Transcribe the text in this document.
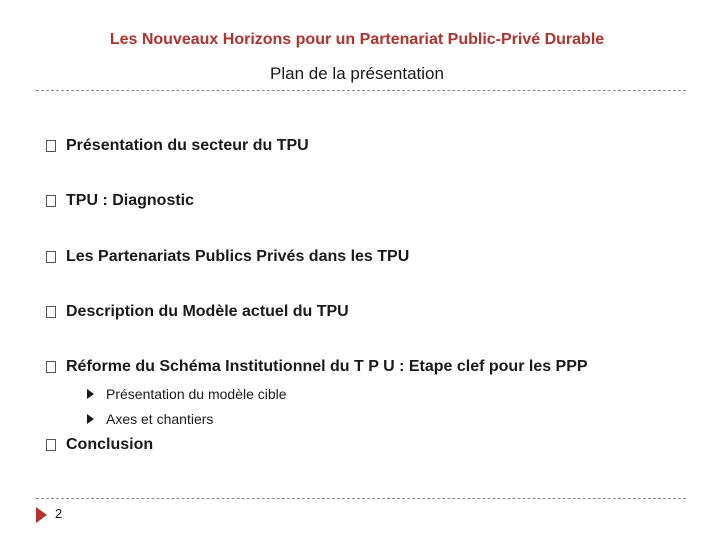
Les Nouveaux Horizons pour un Partenariat Public-Privé Durable
Plan de la présentation
Présentation du secteur du TPU
TPU : Diagnostic
Les Partenariats Publics Privés dans les TPU
Description du Modèle actuel du TPU
Réforme du Schéma Institutionnel du T P U : Etape clef pour les PPP
Présentation du modèle cible
Axes et chantiers
Conclusion
2
